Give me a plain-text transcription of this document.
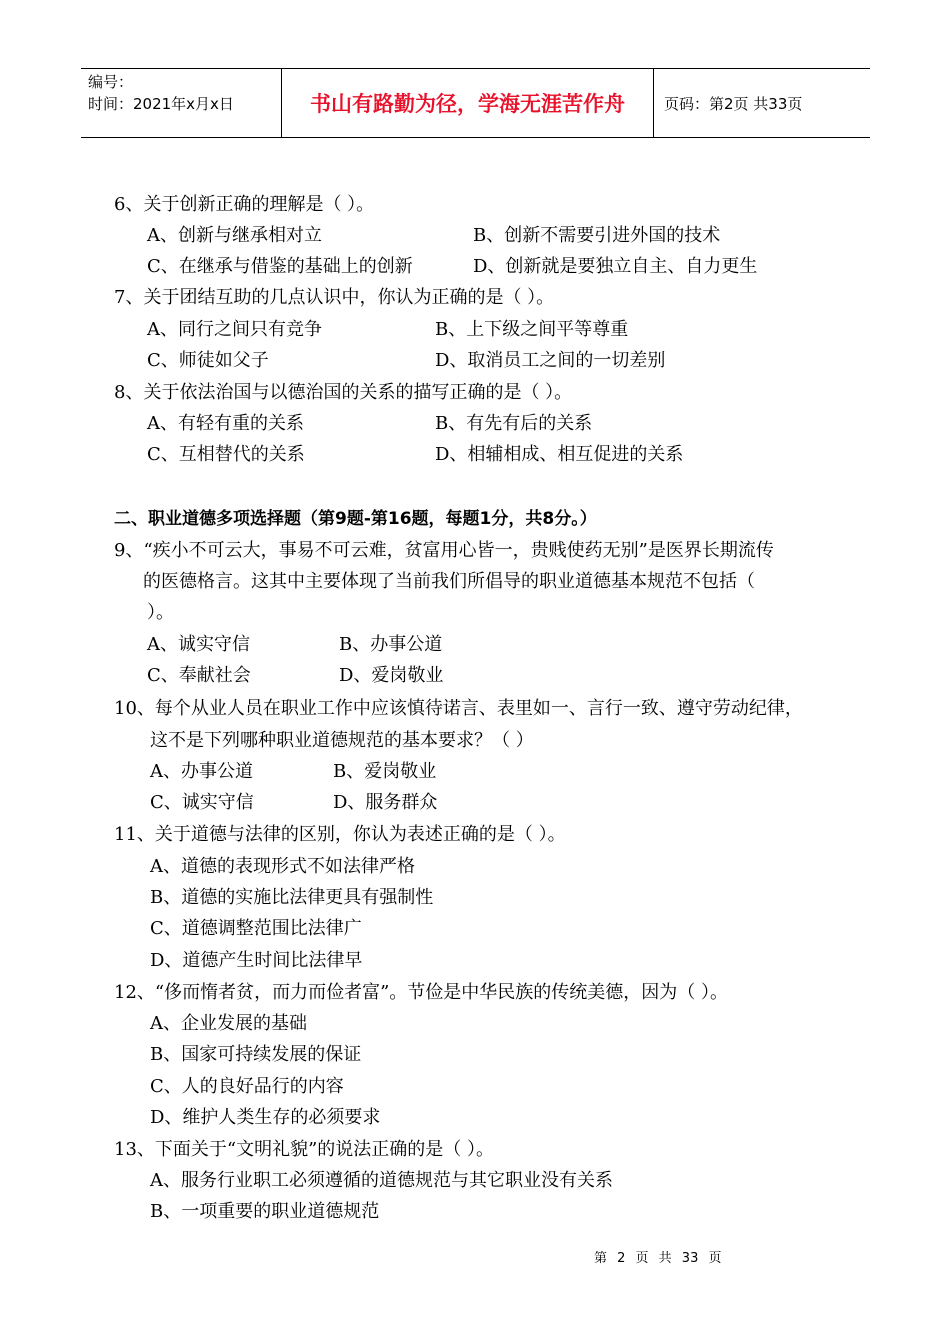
编号：
时间：2021年x月x日	书山有路勤为径，学海无涯苦作舟	页码：第2页 共33页
6、关于创新正确的理解是（ ）。
A、创新与继承相对立	B、创新不需要引进外国的技术
C、在继承与借鉴的基础上的创新	D、创新就是要独立自主、自力更生
7、关于团结互助的几点认识中，你认为正确的是（ ）。
A、同行之间只有竞争	B、上下级之间平等尊重
C、师徒如父子	D、取消员工之间的一切差别
8、关于依法治国与以德治国的关系的描写正确的是（ ）。
A、有轻有重的关系	B、有先有后的关系
C、互相替代的关系	D、相辅相成、相互促进的关系
二、职业道德多项选择题（第9题-第16题，每题1分，共8分。）
9、“疾小不可云大，事易不可云难，贫富用心皆一，贵贱使药无别”是医界长期流传
的医德格言。这其中主要体现了当前我们所倡导的职业道德基本规范不包括（
）。
A、诚实守信	B、办事公道
C、奉献社会	D、爱岗敬业
10、每个从业人员在职业工作中应该慎待诺言、表里如一、言行一致、遵守劳动纪律，
这不是下列哪种职业道德规范的基本要求？（ ）
A、办事公道	B、爱岗敬业
C、诚实守信	D、服务群众
11、关于道德与法律的区别，你认为表述正确的是（ ）。
A、道德的表现形式不如法律严格
B、道德的实施比法律更具有强制性
C、道德调整范围比法律广
D、道德产生时间比法律早
12、“侈而惰者贫，而力而俭者富”。节俭是中华民族的传统美德，因为（ ）。
A、企业发展的基础
B、国家可持续发展的保证
C、人的良好品行的内容
D、维护人类生存的必须要求
13、下面关于“文明礼貌”的说法正确的是（ ）。
A、服务行业职工必须遵循的道德规范与其它职业没有关系
B、一项重要的职业道德规范
第 2 页 共 33 页
